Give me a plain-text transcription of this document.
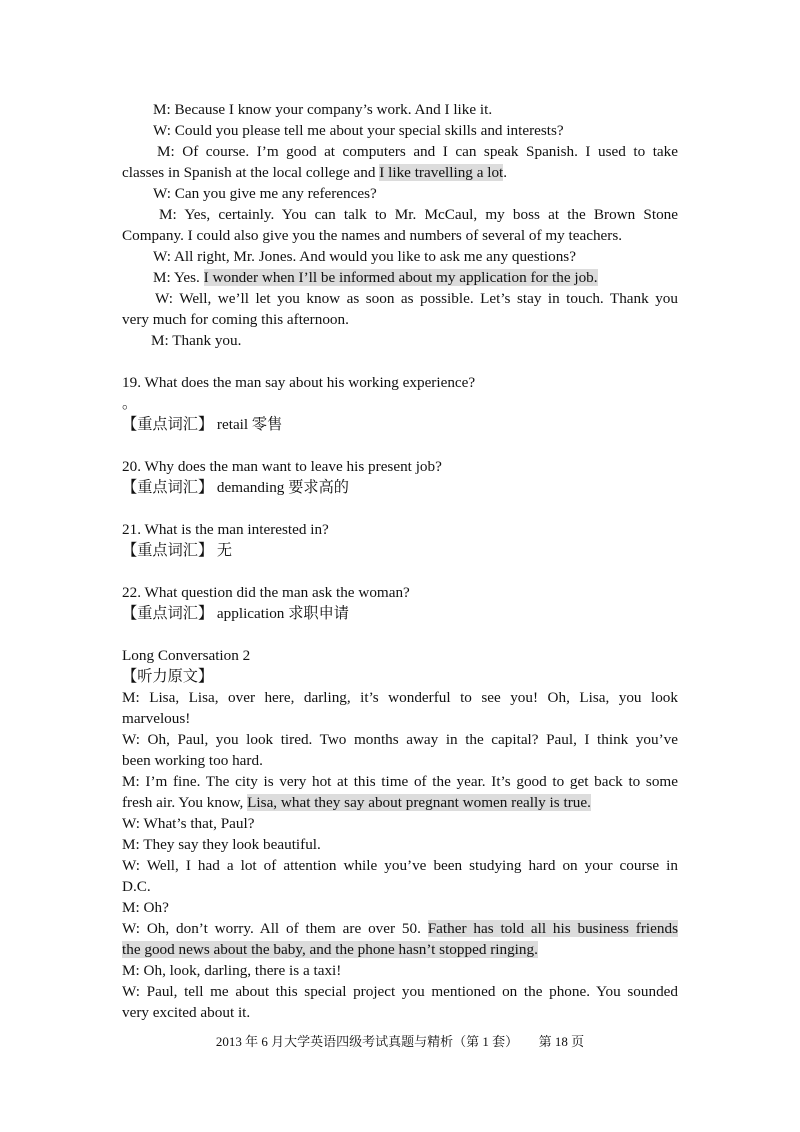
M: Because I know your company’s work. And I like it.
W: Could you please tell me about your special skills and interests?
M: Of course. I’m good at computers and I can speak Spanish. I used to take
classes in Spanish at the local college and I like travelling a lot.
W: Can you give me any references?
M: Yes, certainly. You can talk to Mr. McCaul, my boss at the Brown Stone
Company. I could also give you the names and numbers of several of my teachers.
W: All right, Mr. Jones. And would you like to ask me any questions?
M: Yes. I wonder when I’ll be informed about my application for the job.
W: Well, we’ll let you know as soon as possible. Let’s stay in touch. Thank you
very much for coming this afternoon.
M: Thank you.
19. What does the man say about his working experience?
。
【重点词汇】 retail 零售
20. Why does the man want to leave his present job?
【重点词汇】 demanding 要求高的
21. What is the man interested in?
【重点词汇】 无
22. What question did the man ask the woman?
【重点词汇】 application 求职申请
Long Conversation 2
【听力原文】
M: Lisa, Lisa, over here, darling, it’s wonderful to see you! Oh, Lisa, you look
marvelous!
W: Oh, Paul, you look tired. Two months away in the capital? Paul, I think you’ve
been working too hard.
M: I’m fine. The city is very hot at this time of the year. It’s good to get back to some
fresh air. You know, Lisa, what they say about pregnant women really is true.
W: What’s that, Paul?
M: They say they look beautiful.
W: Well, I had a lot of attention while you’ve been studying hard on your course in
D.C.
M: Oh?
W: Oh, don’t worry. All of them are over 50. Father has told all his business friends
the good news about the baby, and the phone hasn’t stopped ringing.
M: Oh, look, darling, there is a taxi!
W: Paul, tell me about this special project you mentioned on the phone. You sounded
very excited about it.
2013 年 6 月大学英语四级考试真题与精析（第 1 套） 第 18 页
